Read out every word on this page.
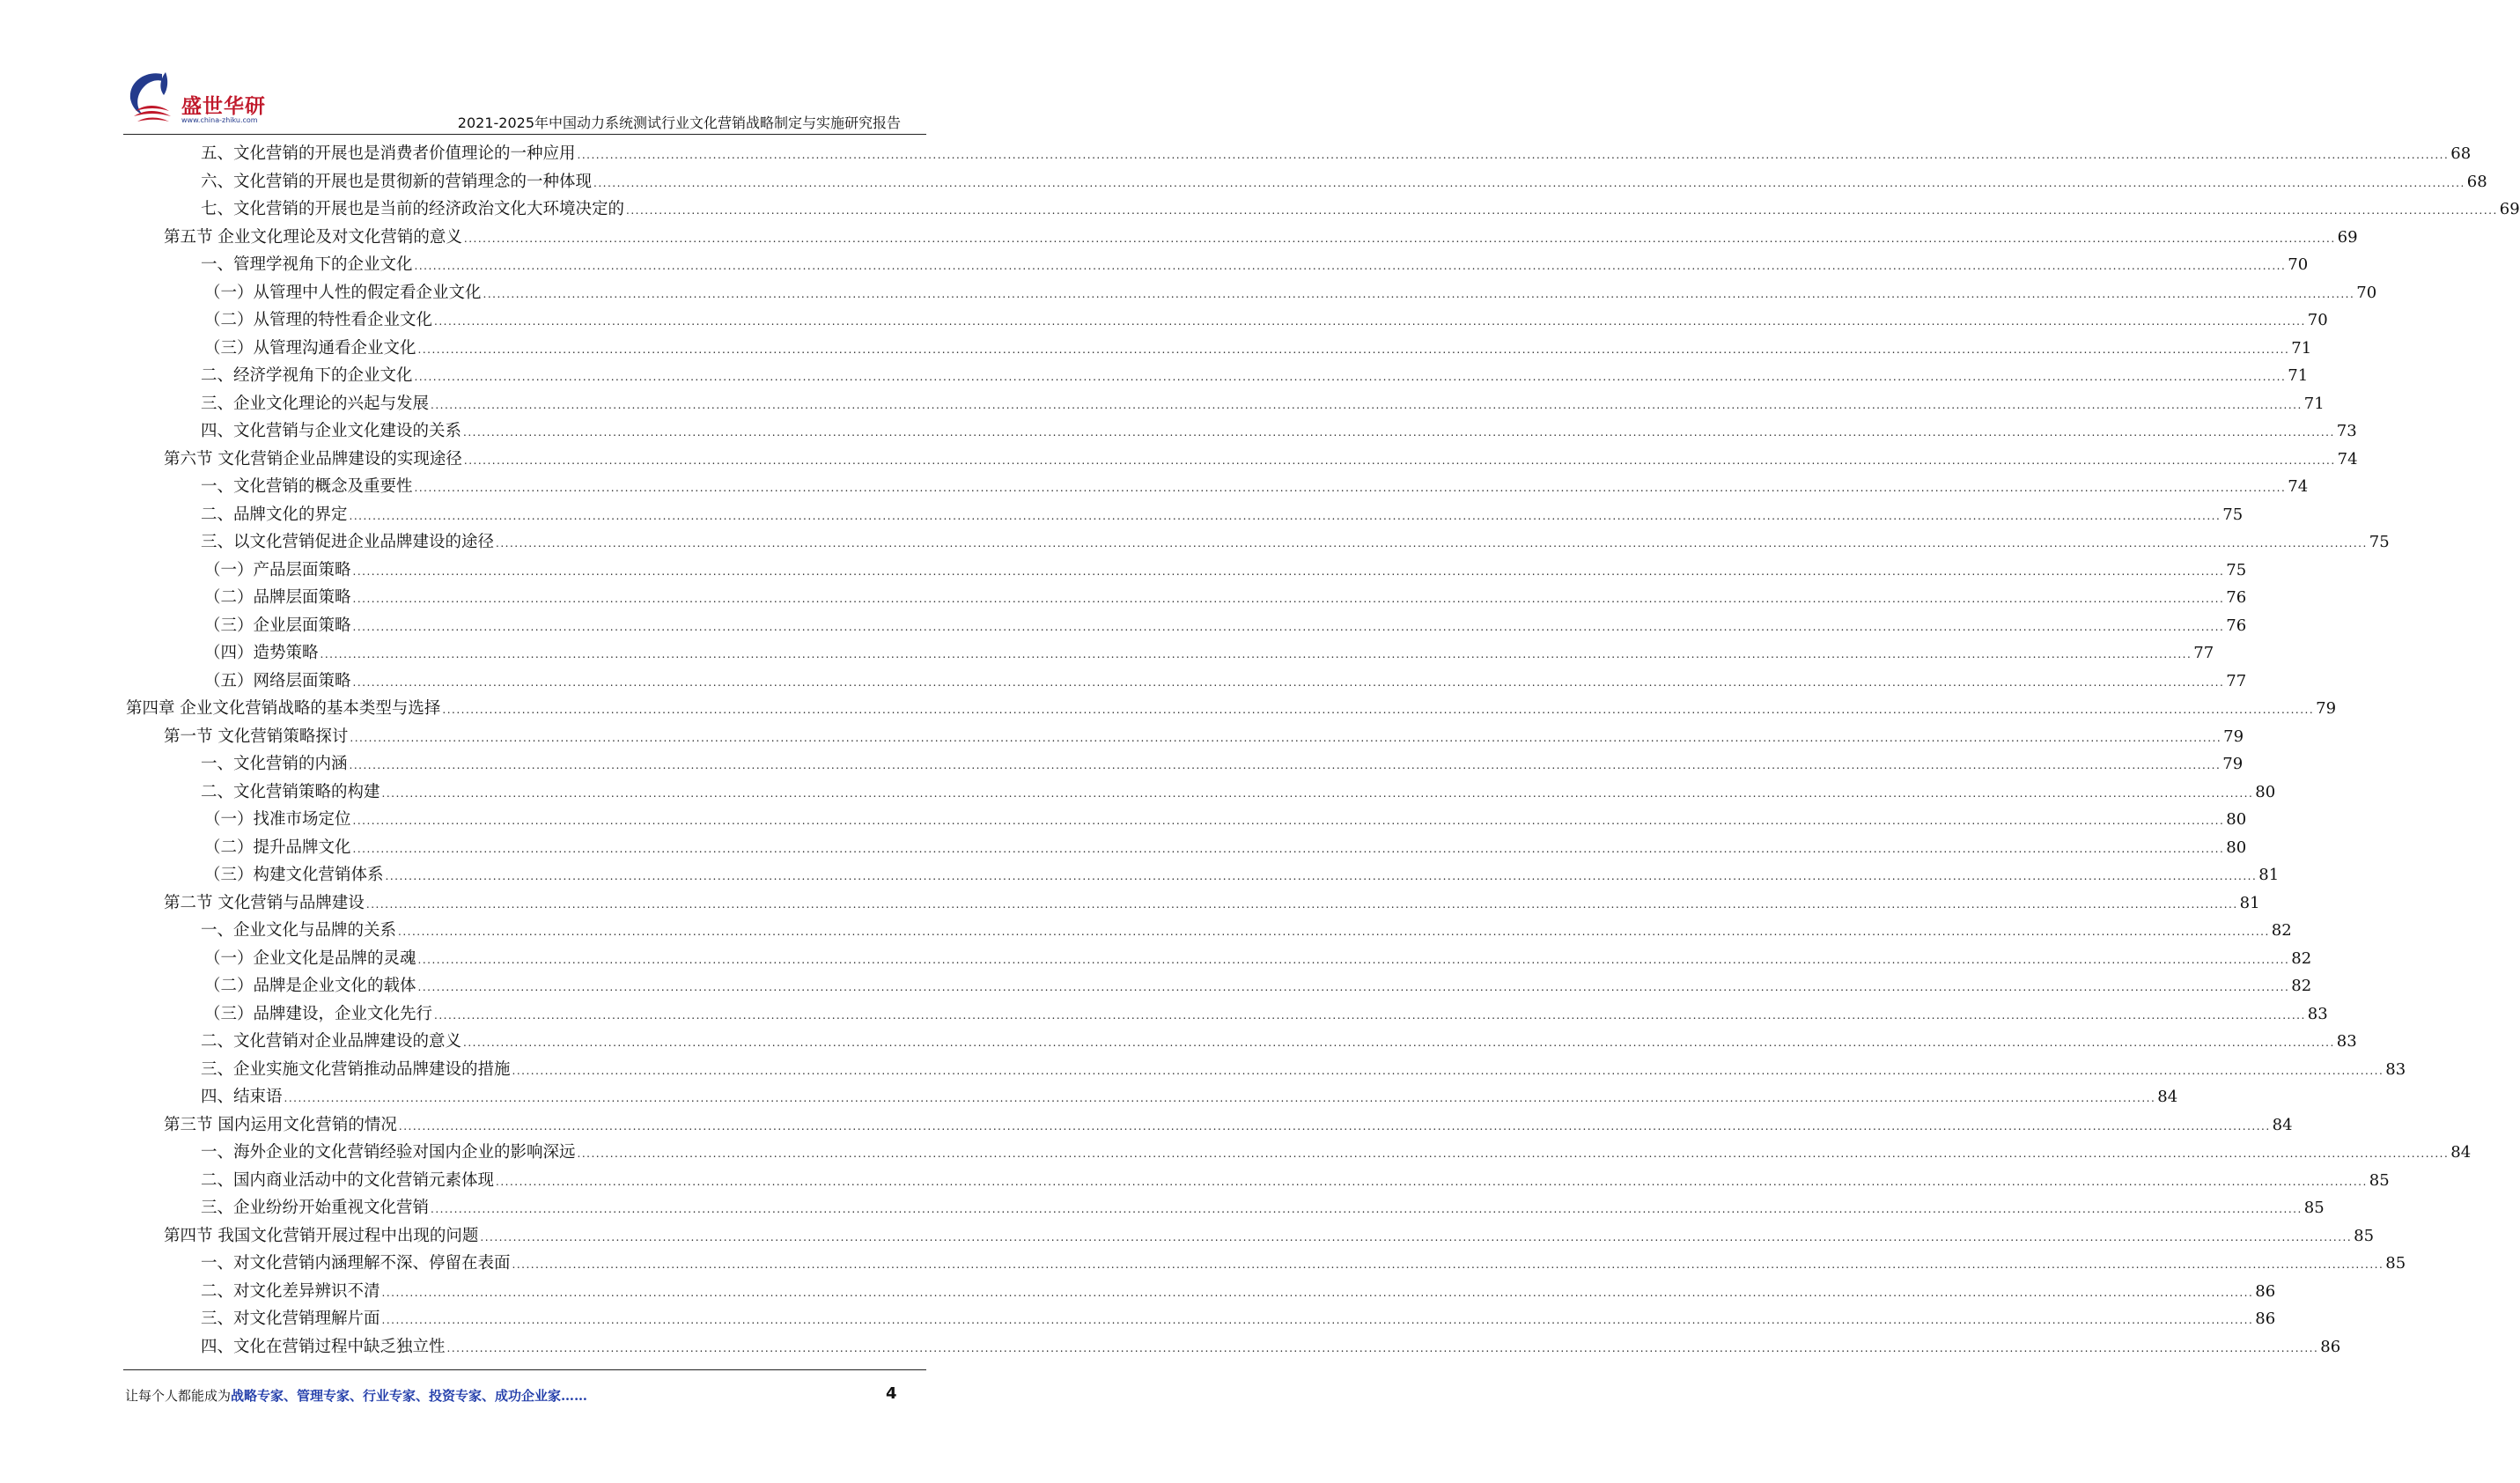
盛世华研
www.china-zhiku.com	2021-2025年中国动力系统测试行业文化营销战略制定与实施研究报告
五、文化营销的开展也是消费者价值理论的一种应用 ................................................................................................................................................................................................................................................................................................................................................................................................................ 68
六、文化营销的开展也是贯彻新的营销理念的一种体现 ................................................................................................................................................................................................................................................................................................................................................................................................................ 68
七、文化营销的开展也是当前的经济政治文化大环境决定的 ................................................................................................................................................................................................................................................................................................................................................................................................................ 69
第五节 企业文化理论及对文化营销的意义 ................................................................................................................................................................................................................................................................................................................................................................................................................ 69
一、管理学视角下的企业文化 ................................................................................................................................................................................................................................................................................................................................................................................................................ 70
（一）从管理中人性的假定看企业文化 ................................................................................................................................................................................................................................................................................................................................................................................................................ 70
（二）从管理的特性看企业文化 ................................................................................................................................................................................................................................................................................................................................................................................................................ 70
（三）从管理沟通看企业文化 ................................................................................................................................................................................................................................................................................................................................................................................................................ 71
二、经济学视角下的企业文化 ................................................................................................................................................................................................................................................................................................................................................................................................................ 71
三、企业文化理论的兴起与发展 ................................................................................................................................................................................................................................................................................................................................................................................................................ 71
四、文化营销与企业文化建设的关系 ................................................................................................................................................................................................................................................................................................................................................................................................................ 73
第六节 文化营销企业品牌建设的实现途径 ................................................................................................................................................................................................................................................................................................................................................................................................................ 74
一、文化营销的概念及重要性 ................................................................................................................................................................................................................................................................................................................................................................................................................ 74
二、品牌文化的界定 ................................................................................................................................................................................................................................................................................................................................................................................................................ 75
三、以文化营销促进企业品牌建设的途径 ................................................................................................................................................................................................................................................................................................................................................................................................................ 75
（一）产品层面策略 ................................................................................................................................................................................................................................................................................................................................................................................................................ 75
（二）品牌层面策略 ................................................................................................................................................................................................................................................................................................................................................................................................................ 76
（三）企业层面策略 ................................................................................................................................................................................................................................................................................................................................................................................................................ 76
（四）造势策略 ................................................................................................................................................................................................................................................................................................................................................................................................................ 77
（五）网络层面策略 ................................................................................................................................................................................................................................................................................................................................................................................................................ 77
第四章 企业文化营销战略的基本类型与选择 ................................................................................................................................................................................................................................................................................................................................................................................................................ 79
第一节 文化营销策略探讨 ................................................................................................................................................................................................................................................................................................................................................................................................................ 79
一、文化营销的内涵 ................................................................................................................................................................................................................................................................................................................................................................................................................ 79
二、文化营销策略的构建 ................................................................................................................................................................................................................................................................................................................................................................................................................ 80
（一）找准市场定位 ................................................................................................................................................................................................................................................................................................................................................................................................................ 80
（二）提升品牌文化 ................................................................................................................................................................................................................................................................................................................................................................................................................ 80
（三）构建文化营销体系 ................................................................................................................................................................................................................................................................................................................................................................................................................ 81
第二节 文化营销与品牌建设 ................................................................................................................................................................................................................................................................................................................................................................................................................ 81
一、企业文化与品牌的关系 ................................................................................................................................................................................................................................................................................................................................................................................................................ 82
（一）企业文化是品牌的灵魂 ................................................................................................................................................................................................................................................................................................................................................................................................................ 82
（二）品牌是企业文化的载体 ................................................................................................................................................................................................................................................................................................................................................................................................................ 82
（三）品牌建设，企业文化先行 ................................................................................................................................................................................................................................................................................................................................................................................................................ 83
二、文化营销对企业品牌建设的意义 ................................................................................................................................................................................................................................................................................................................................................................................................................ 83
三、企业实施文化营销推动品牌建设的措施 ................................................................................................................................................................................................................................................................................................................................................................................................................ 83
四、结束语 ................................................................................................................................................................................................................................................................................................................................................................................................................ 84
第三节 国内运用文化营销的情况 ................................................................................................................................................................................................................................................................................................................................................................................................................ 84
一、海外企业的文化营销经验对国内企业的影响深远 ................................................................................................................................................................................................................................................................................................................................................................................................................ 84
二、国内商业活动中的文化营销元素体现 ................................................................................................................................................................................................................................................................................................................................................................................................................ 85
三、企业纷纷开始重视文化营销 ................................................................................................................................................................................................................................................................................................................................................................................................................ 85
第四节 我国文化营销开展过程中出现的问题 ................................................................................................................................................................................................................................................................................................................................................................................................................ 85
一、对文化营销内涵理解不深、停留在表面 ................................................................................................................................................................................................................................................................................................................................................................................................................ 85
二、对文化差异辨识不清 ................................................................................................................................................................................................................................................................................................................................................................................................................ 86
三、对文化营销理解片面 ................................................................................................................................................................................................................................................................................................................................................................................................................ 86
四、文化在营销过程中缺乏独立性 ................................................................................................................................................................................................................................................................................................................................................................................................................ 86
让每个人都能成为战略专家、管理专家、行业专家、投资专家、成功企业家……	4
